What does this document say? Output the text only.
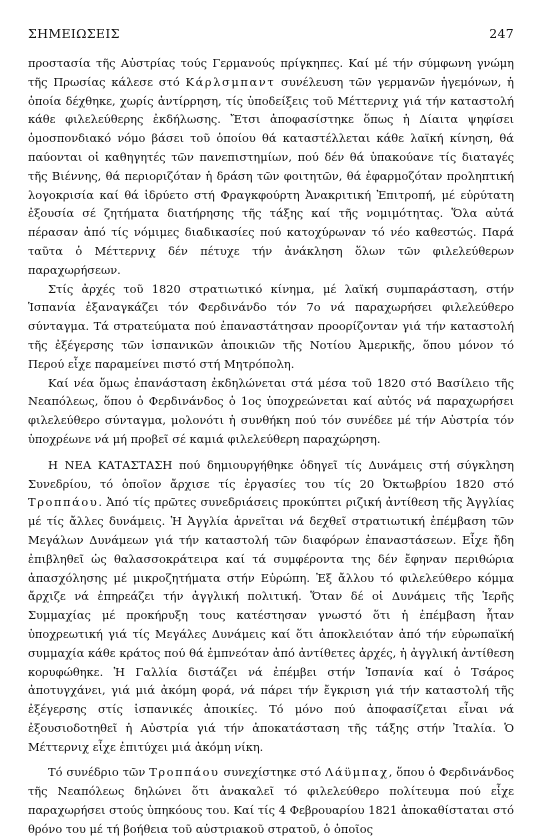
ΣΗΜΕΙΩΣΕΙΣ	247

προστασία τῆς Αὐστρίας τούς Γερμανούς πρίγκηπες. Καί μέ τήν σύμφωνη γνώμη τῆς Πρωσίας κάλεσε στό Κάρλσμπαντ συνέλευση τῶν γερμανῶν ἡγεμόνων, ἡ ὁποία δέχθηκε, χωρίς ἀντίρρηση, τίς ὑποδείξεις τοῦ Μέττερνιχ γιά τήν καταστολή κάθε φιλελεύθερης ἐκδήλωσης. Ἔτσι ἀποφασίστηκε ὅπως ἡ Δίαιτα ψηφίσει ὁμοσπονδιακό νόμο βάσει τοῦ ὁποίου θά καταστέλλεται κάθε λαϊκή κίνηση, θά παύονται οἱ καθηγητές τῶν πανεπιστημίων, πού δέν θά ὑπακούανε τίς διαταγές τῆς Βιέννης, θά περιοριζόταν ἡ δράση τῶν φοιτητῶν, θά ἐφαρμοζόταν προληπτική λογοκρισία καί θά ἱδρύετο στή Φραγκφούρτη Ἀνακριτική Ἐπιτροπή, μέ εὐρύτατη ἐξουσία σέ ζητήματα διατήρησης τῆς τάξης καί τῆς νομιμότητας. Ὅλα αὐτά πέρασαν ἀπό τίς νόμιμες διαδικασίες πού κατοχύρωναν τό νέο καθεστώς. Παρά ταῦτα ὁ Μέττερνιχ δέν πέτυχε τήν ἀνάκληση ὅλων τῶν φιλελεύθερων παραχωρήσεων.

Στίς ἀρχές τοῦ 1820 στρατιωτικό κίνημα, μέ λαϊκή συμπαράσταση, στήν Ἱσπανία ἐξαναγκάζει τόν Φερδινάνδο τόν 7ο νά παραχωρήσει φιλελεύθερο σύνταγμα. Τά στρατεύματα πού ἐπαναστάτησαν προορίζονταν γιά τήν καταστολή τῆς ἐξέγερσης τῶν ἱσπανικῶν ἀποικιῶν τῆς Νοτίου Ἀμερικῆς, ὅπου μόνον τό Περού εἶχε παραμείνει πιστό στή Μητρόπολη.

Καί νέα ὅμως ἐπανάσταση ἐκδηλώνεται στά μέσα τοῦ 1820 στό Βασίλειο τῆς Νεαπόλεως, ὅπου ὁ Φερδινάνδος ὁ 1ος ὑποχρεώνεται καί αὐτός νά παραχωρήσει φιλελεύθερο σύνταγμα, μολονότι ἡ συνθήκη πού τόν συνέδεε μέ τήν Αὐστρία τόν ὑποχρέωνε νά μή προβεῖ σέ καμιά φιλελεύθερη παραχώρηση.

Η ΝΕΑ ΚΑΤΑΣΤΑΣΗ πού δημιουργήθηκε ὁδηγεῖ τίς Δυνάμεις στή σύγκληση Συνεδρίου, τό ὁποῖον ἄρχισε τίς ἐργασίες του τίς 20 Ὀκτωβρίου 1820 στό Τροππάου. Ἀπό τίς πρῶτες συνεδριάσεις προκύπτει ριζική ἀντίθεση τῆς Ἀγγλίας μέ τίς ἄλλες δυνάμεις. Ἡ Ἀγγλία ἀρνεῖται νά δεχθεῖ στρατιωτική ἐπέμβαση τῶν Μεγάλων Δυνάμεων γιά τήν καταστολή τῶν διαφόρων ἐπαναστάσεων. Εἶχε ἤδη ἐπιβληθεῖ ὡς θαλασσοκράτειρα καί τά συμφέροντα της δέν ἔφηναν περιθώρια ἀπασχόλησης μέ μικροζητήματα στήν Εὐρώπη. Ἐξ ἄλλου τό φιλελεύθερο κόμμα ἄρχιζε νά ἐπηρεάζει τήν ἀγγλική πολιτική. Ὅταν δέ οἱ Δυνάμεις τῆς Ἱερῆς Συμμαχίας μέ προκήρυξη τους κατέστησαν γνωστό ὅτι ἡ ἐπέμβαση ἦταν ὑποχρεωτική γιά τίς Μεγάλες Δυνάμεις καί ὅτι ἀποκλειόταν ἀπό τήν εὐρωπαϊκή συμμαχία κάθε κράτος πού θά ἐμπνεόταν ἀπό ἀντίθετες ἀρχές, ἡ ἀγγλική ἀντίθεση κορυφώθηκε. Ἡ Γαλλία διστάζει νά ἐπέμβει στήν Ἱσπανία καί ὁ Τσάρος ἀποτυγχάνει, γιά μιά ἀκόμη φορά, νά πάρει τήν ἔγκριση γιά τήν καταστολή τῆς ἐξέγερσης στίς ἱσπανικές ἀποικίες. Τό μόνο πού ἀποφασίζεται εἶναι νά ἐξουσιοδοτηθεῖ ἡ Αὐστρία γιά τήν ἀποκατάσταση τῆς τάξης στήν Ἰταλία. Ὁ Μέττερνιχ εἶχε ἐπιτύχει μιά ἀκόμη νίκη.

Τό συνέδριο τῶν Τροππάου συνεχίστηκε στό Λάϋμπαχ, ὅπου ὁ Φερδινάνδος τῆς Νεαπόλεως δηλώνει ὅτι ἀνακαλεῖ τό φιλελεύθερο πολίτευμα πού εἶχε παραχωρήσει στούς ὑπηκόους του. Καί τίς 4 Φεβρουαρίου 1821 ἀποκαθίσταται στό θρόνο του μέ τή βοήθεια τοῦ αὐστριακοῦ στρατοῦ, ὁ ὁποῖος
